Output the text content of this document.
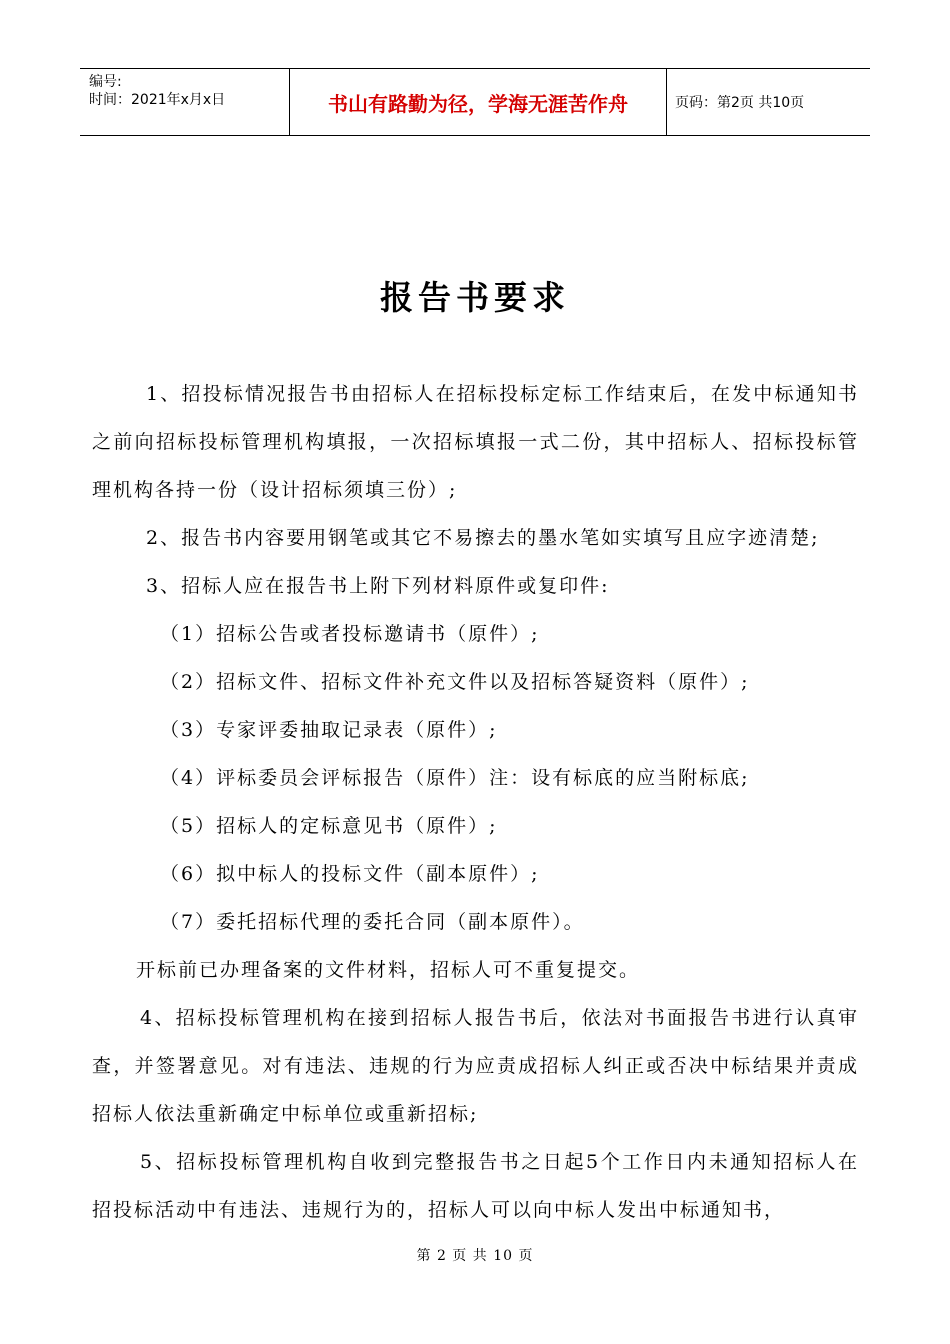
编号:
时间：2021年x月x日	书山有路勤为径，学海无涯苦作舟	页码：第2页 共10页
报告书要求

1、招投标情况报告书由招标人在招标投标定标工作结束后，在发中标通知书之前向招标投标管理机构填报，一次招标填报一式二份，其中招标人、招标投标管理机构各持一份（设计招标须填三份）;

2、报告书内容要用钢笔或其它不易擦去的墨水笔如实填写且应字迹清楚;

3、招标人应在报告书上附下列材料原件或复印件:

（1）招标公告或者投标邀请书（原件）;

（2）招标文件、招标文件补充文件以及招标答疑资料（原件）;

（3）专家评委抽取记录表（原件）;

（4）评标委员会评标报告（原件）注：设有标底的应当附标底;

（5）招标人的定标意见书（原件）;

（6）拟中标人的投标文件（副本原件）;

（7）委托招标代理的委托合同（副本原件）。

开标前已办理备案的文件材料，招标人可不重复提交。

4、招标投标管理机构在接到招标人报告书后，依法对书面报告书进行认真审查，并签署意见。对有违法、违规的行为应责成招标人纠正或否决中标结果并责成招标人依法重新确定中标单位或重新招标;

5、招标投标管理机构自收到完整报告书之日起5个工作日内未通知招标人在招投标活动中有违法、违规行为的，招标人可以向中标人发出中标通知书，

第 2 页 共 10 页
